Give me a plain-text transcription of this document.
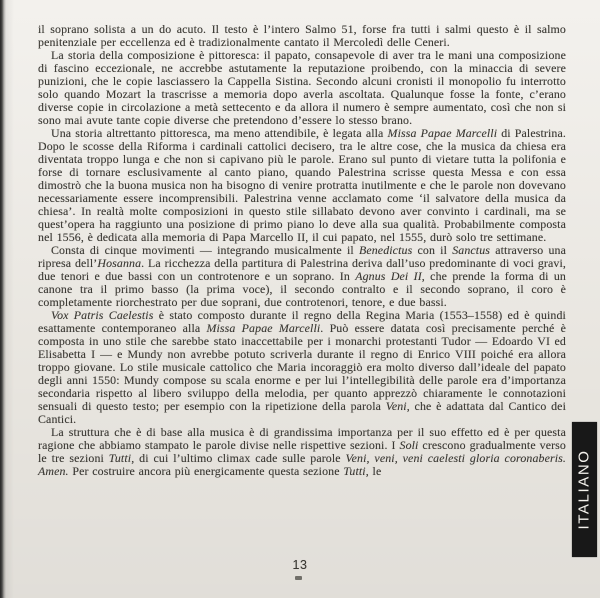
il soprano solista a un do acuto. Il testo è l’intero Salmo 51, forse fra tutti i salmi questo è il salmo penitenziale per eccellenza ed è tradizionalmente cantato il Mercoledì delle Ceneri.

La storia della composizione è pittoresca: il papato, consapevole di aver tra le mani una composizione di fascino eccezionale, ne accrebbe astutamente la reputazione proibendo, con la minaccia di severe punizioni, che le copie lasciassero la Cappella Sistina. Secondo alcuni cronisti il monopolio fu interrotto solo quando Mozart la trascrisse a memoria dopo averla ascoltata. Qualunque fosse la fonte, c’erano diverse copie in circolazione a metà settecento e da allora il numero è sempre aumentato, così che non si sono mai avute tante copie diverse che pretendono d’essere lo stesso brano.

Una storia altrettanto pittoresca, ma meno attendibile, è legata alla Missa Papae Marcelli di Palestrina. Dopo le scosse della Riforma i cardinali cattolici decisero, tra le altre cose, che la musica da chiesa era diventata troppo lunga e che non si capivano più le parole. Erano sul punto di vietare tutta la polifonia e forse di tornare esclusivamente al canto piano, quando Palestrina scrisse questa Messa e con essa dimostrò che la buona musica non ha bisogno di venire protratta inutilmente e che le parole non dovevano necessariamente essere incomprensibili. Palestrina venne acclamato come ‘il salvatore della musica da chiesa’. In realtà molte composizioni in questo stile sillabato devono aver convinto i cardinali, ma se quest’opera ha raggiunto una posizione di primo piano lo deve alla sua qualità. Probabilmente composta nel 1556, è dedicata alla memoria di Papa Marcello II, il cui papato, nel 1555, durò solo tre settimane.

Consta di cinque movimenti — integrando musicalmente il Benedictus con il Sanctus attraverso una ripresa dell’Hosanna. La ricchezza della partitura di Palestrina deriva dall’uso predominante di voci gravi, due tenori e due bassi con un controtenore e un soprano. In Agnus Dei II, che prende la forma di un canone tra il primo basso (la prima voce), il secondo contralto e il secondo soprano, il coro è completamente riorchestrato per due soprani, due controtenori, tenore, e due bassi.

Vox Patris Caelestis è stato composto durante il regno della Regina Maria (1553–1558) ed è quindi esattamente contemporaneo alla Missa Papae Marcelli. Può essere datata così precisamente perché è composta in uno stile che sarebbe stato inaccettabile per i monarchi protestanti Tudor — Edoardo VI ed Elisabetta I — e Mundy non avrebbe potuto scriverla durante il regno di Enrico VIII poiché era allora troppo giovane. Lo stile musicale cattolico che Maria incoraggiò era molto diverso dall’ideale del papato degli anni 1550: Mundy compose su scala enorme e per lui l’intellegibilità delle parole era d’importanza secondaria rispetto al libero sviluppo della melodia, per quanto apprezzò chiaramente le connotazioni sensuali di questo testo; per esempio con la ripetizione della parola Veni, che è adattata dal Cantico dei Cantici.

La struttura che è di base alla musica è di grandissima importanza per il suo effetto ed è per questa ragione che abbiamo stampato le parole divise nelle rispettive sezioni. I Soli crescono gradualmente verso le tre sezioni Tutti, di cui l’ultimo climax cade sulle parole Veni, veni, veni caelesti gloria coronaberis. Amen. Per costruire ancora più energicamente questa sezione Tutti, le

13
ITALIANO
